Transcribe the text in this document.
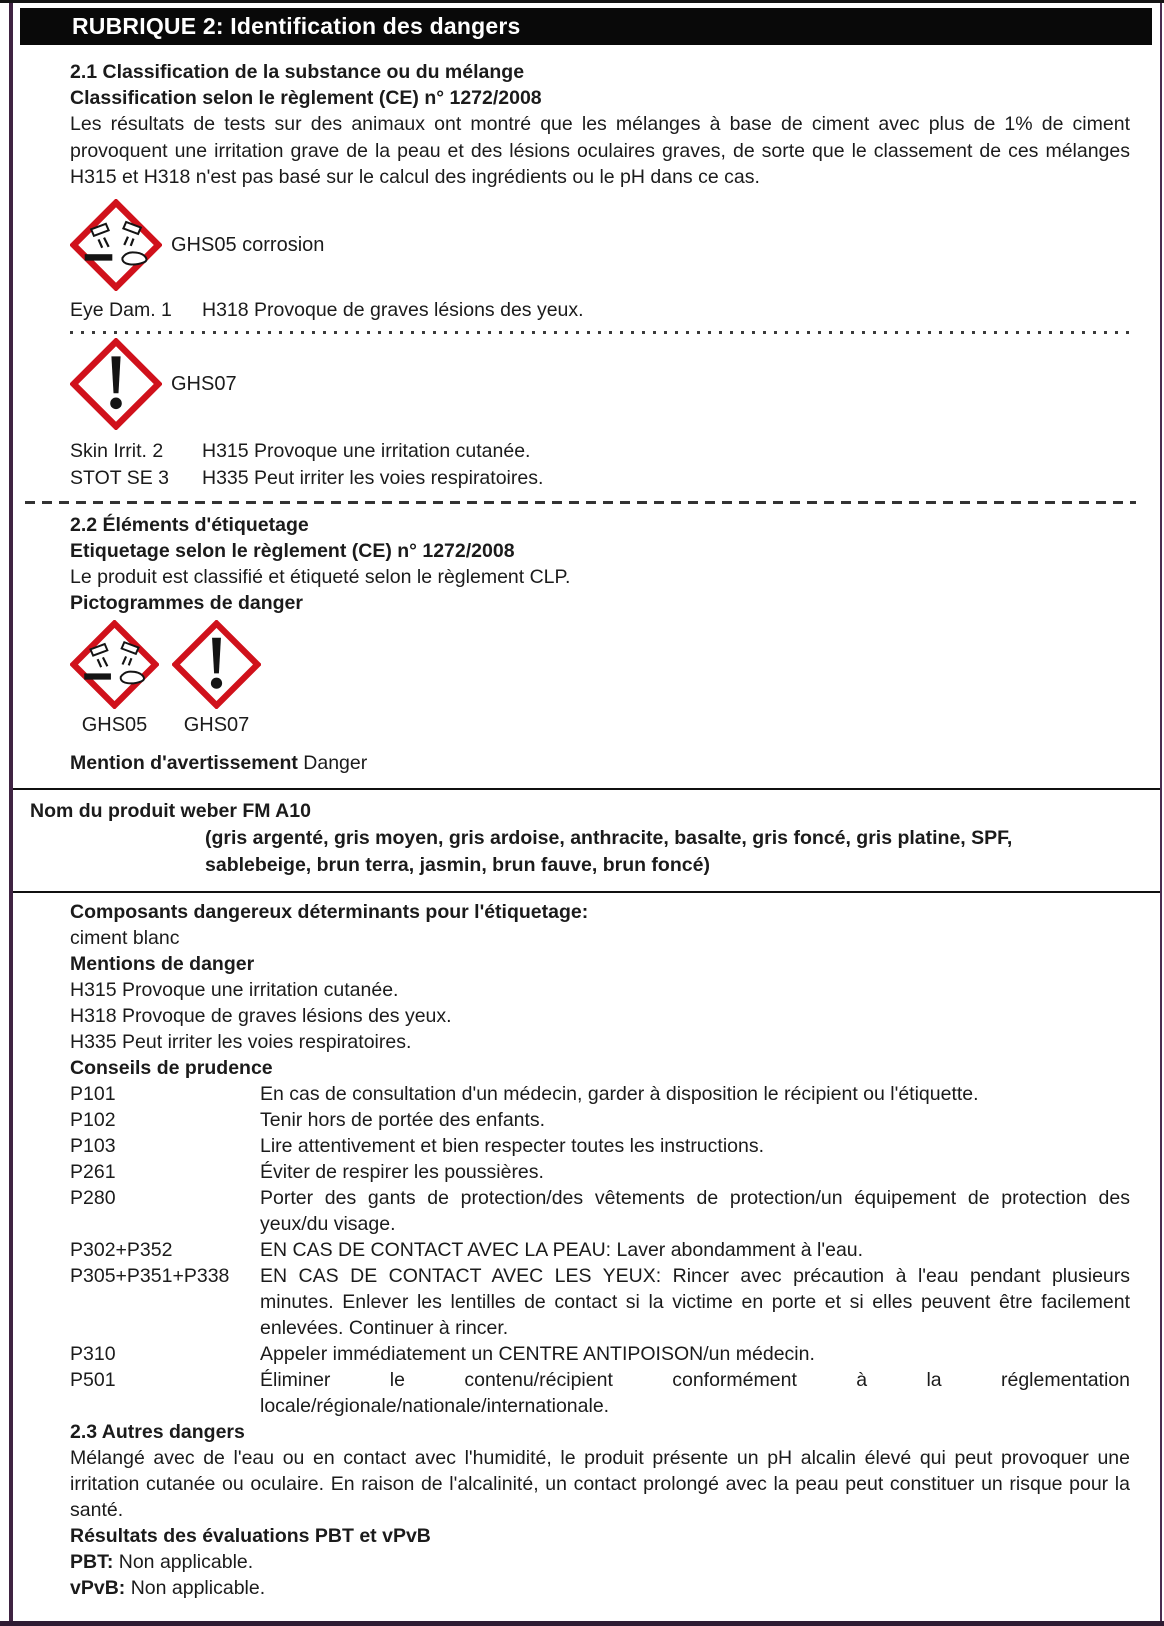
RUBRIQUE 2: Identification des dangers
2.1 Classification de la substance ou du mélange
Classification selon le règlement (CE) n° 1272/2008
Les résultats de tests sur des animaux ont montré que les mélanges à base de ciment avec plus de 1% de ciment provoquent une irritation grave de la peau et des lésions oculaires graves, de sorte que le classement de ces mélanges H315 et H318 n'est pas basé sur le calcul des ingrédients ou le pH dans ce cas.
GHS05 corrosion
Eye Dam. 1	H318 Provoque de graves lésions des yeux.
GHS07
Skin Irrit. 2	H315 Provoque une irritation cutanée.
STOT SE 3	H335 Peut irriter les voies respiratoires.
2.2 Éléments d'étiquetage
Etiquetage selon le règlement (CE) n° 1272/2008
Le produit est classifié et étiqueté selon le règlement CLP.
Pictogrammes de danger
GHS05 GHS07
Mention d'avertissement Danger
Nom du produit weber FM A10
(gris argenté, gris moyen, gris ardoise, anthracite, basalte, gris foncé, gris platine, SPF, sablebeige, brun terra, jasmin, brun fauve, brun foncé)
Composants dangereux déterminants pour l'étiquetage:
ciment blanc
Mentions de danger
H315 Provoque une irritation cutanée.
H318 Provoque de graves lésions des yeux.
H335 Peut irriter les voies respiratoires.
Conseils de prudence
P101	En cas de consultation d'un médecin, garder à disposition le récipient ou l'étiquette.
P102	Tenir hors de portée des enfants.
P103	Lire attentivement et bien respecter toutes les instructions.
P261	Éviter de respirer les poussières.
P280	Porter des gants de protection/des vêtements de protection/un équipement de protection des yeux/du visage.
P302+P352	EN CAS DE CONTACT AVEC LA PEAU: Laver abondamment à l'eau.
P305+P351+P338	EN CAS DE CONTACT AVEC LES YEUX: Rincer avec précaution à l'eau pendant plusieurs minutes. Enlever les lentilles de contact si la victime en porte et si elles peuvent être facilement enlevées. Continuer à rincer.
P310	Appeler immédiatement un CENTRE ANTIPOISON/un médecin.
P501	Éliminer le contenu/récipient conformément à la réglementation locale/régionale/nationale/internationale.
2.3 Autres dangers
Mélangé avec de l'eau ou en contact avec l'humidité, le produit présente un pH alcalin élevé qui peut provoquer une irritation cutanée ou oculaire. En raison de l'alcalinité, un contact prolongé avec la peau peut constituer un risque pour la santé.
Résultats des évaluations PBT et vPvB
PBT: Non applicable.
vPvB: Non applicable.
